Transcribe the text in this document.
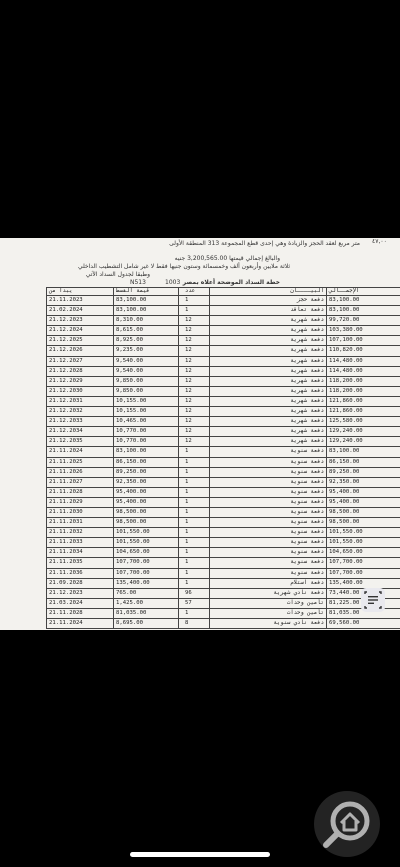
٤٧,٠٠
متر مربع لعقد الحجز والزيادة وهي إحدى قطع المجموعة 313 المنطقة الأولى
والبالغ إجمالي قيمتها 3,200,565.00 جنيه
ثلاثة ملايين وأربعون ألف وخمسمائة وستون جنيها فقط لا غير شامل التشطيب الداخلي
وطبقا لجدول السداد الآتي
خطة السداد الموضحة أعلاه بمصر
N513	1003
يبدأ من	قيمة القسط	عدد	البيــــان	الإجمــالي
21.11.2023	83,100.00	1	دفعة حجز	83,100.00
21.02.2024	83,100.00	1	دفعة تعاقد	83,100.00
21.12.2023	8,310.00	12	دفعة شهرية	99,720.00
21.12.2024	8,615.00	12	دفعة شهرية	103,380.00
21.12.2025	8,925.00	12	دفعة شهرية	107,100.00
21.12.2026	9,235.00	12	دفعة شهرية	110,820.00
21.12.2027	9,540.00	12	دفعة شهرية	114,480.00
21.12.2028	9,540.00	12	دفعة شهرية	114,480.00
21.12.2029	9,850.00	12	دفعة شهرية	118,200.00
21.12.2030	9,850.00	12	دفعة شهرية	118,200.00
21.12.2031	10,155.00	12	دفعة شهرية	121,860.00
21.12.2032	10,155.00	12	دفعة شهرية	121,860.00
21.12.2033	10,465.00	12	دفعة شهرية	125,580.00
21.12.2034	10,770.00	12	دفعة شهرية	129,240.00
21.12.2035	10,770.00	12	دفعة شهرية	129,240.00
21.11.2024	83,100.00	1	دفعة سنوية	83,100.00
21.11.2025	86,150.00	1	دفعة سنوية	86,150.00
21.11.2026	89,250.00	1	دفعة سنوية	89,250.00
21.11.2027	92,350.00	1	دفعة سنوية	92,350.00
21.11.2028	95,400.00	1	دفعة سنوية	95,400.00
21.11.2029	95,400.00	1	دفعة سنوية	95,400.00
21.11.2030	98,500.00	1	دفعة سنوية	98,500.00
21.11.2031	98,500.00	1	دفعة سنوية	98,500.00
21.11.2032	101,550.00	1	دفعة سنوية	101,550.00
21.11.2033	101,550.00	1	دفعة سنوية	101,550.00
21.11.2034	104,650.00	1	دفعة سنوية	104,650.00
21.11.2035	107,700.00	1	دفعة سنوية	107,700.00
21.11.2036	107,700.00	1	دفعة سنوية	107,700.00
21.09.2028	135,400.00	1	دفعة استلام	135,400.00
21.12.2023	765.00	96	دفعة نادي شهرية	73,440.00
21.03.2024	1,425.00	57	تأمين وحدات	81,225.00
21.11.2028	81,035.00	1	تأمين وحدات	81,035.00
21.11.2024	8,695.00	8	دفعة نادي سنوية	69,560.00
